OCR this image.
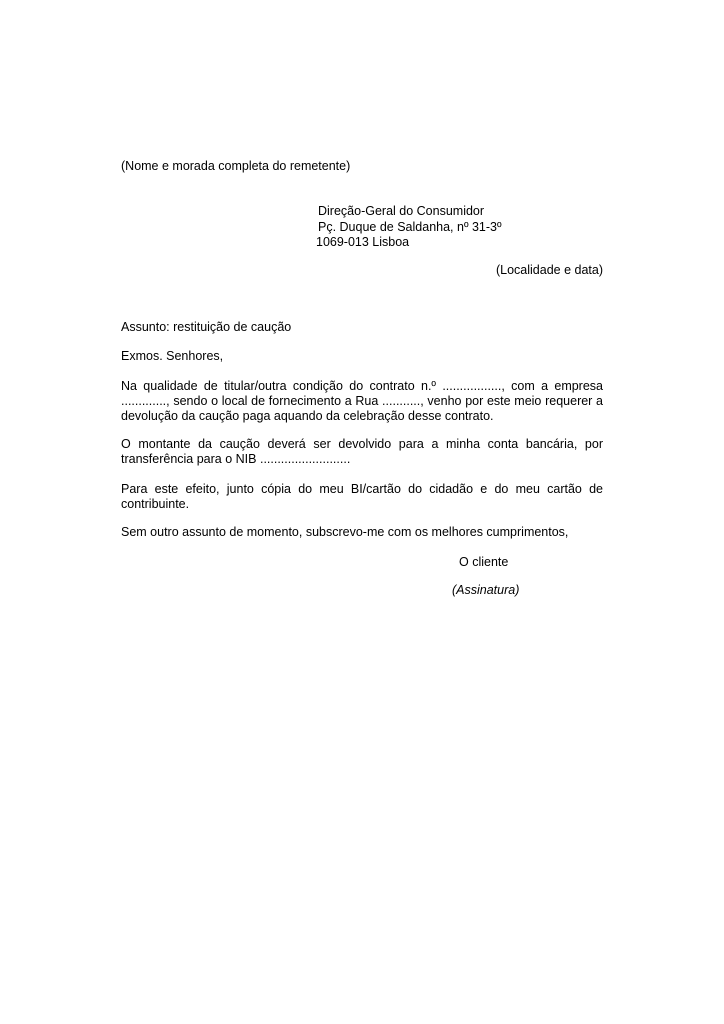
(Nome e morada completa do remetente)

Direção-Geral do Consumidor
Pç. Duque de Saldanha, nº 31-3º
1069-013 Lisboa

(Localidade e data)

Assunto: restituição de caução

Exmos. Senhores,

Na qualidade de titular/outra condição do contrato n.º ................., com a empresa ............., sendo o local de fornecimento a Rua ..........., venho por este meio requerer a devolução da caução paga aquando da celebração desse contrato.

O montante da caução deverá ser devolvido para a minha conta bancária, por transferência para o NIB ..........................

Para este efeito, junto cópia do meu BI/cartão do cidadão e do meu cartão de contribuinte.

Sem outro assunto de momento, subscrevo-me com os melhores cumprimentos,

O cliente

(Assinatura)
